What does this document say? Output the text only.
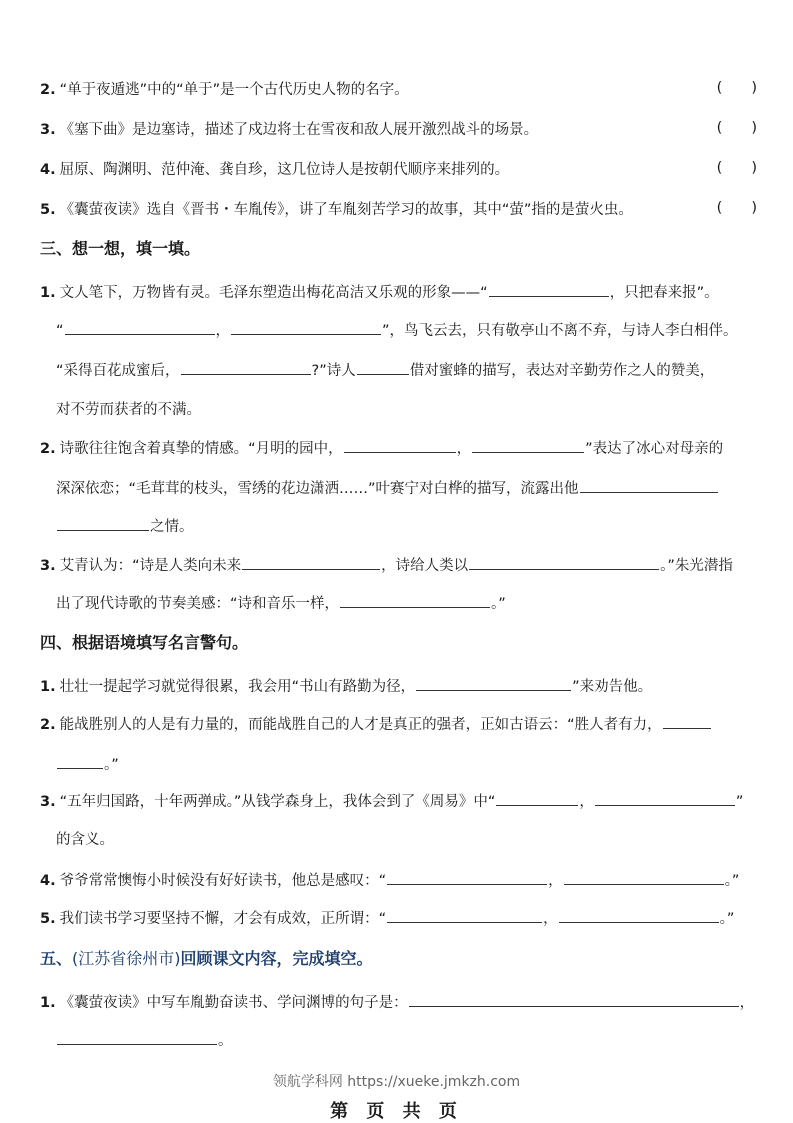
2. “单于夜遁逃”中的“单于”是一个古代历史人物的名字。	(　　)
3. 《塞下曲》是边塞诗，描述了戍边将士在雪夜和敌人展开激烈战斗的场景。	(　　)
4. 屈原、陶渊明、范仲淹、龚自珍，这几位诗人是按朝代顺序来排列的。	(　　)
5. 《囊萤夜读》选自《晋书・车胤传》，讲了车胤刻苦学习的故事，其中“萤”指的是萤火虫。	(　　)
三、想一想，填一填。
1. 文人笔下，万物皆有灵。毛泽东塑造出梅花高洁又乐观的形象——“	，只把春来报”。
“	，	”，鸟飞云去，只有敬亭山不离不弃，与诗人李白相伴。
“采得百花成蜜后，	?”诗人	借对蜜蜂的描写，表达对辛勤劳作之人的赞美，
对不劳而获者的不满。
2. 诗歌往往饱含着真挚的情感。“月明的园中，	，	”表达了冰心对母亲的
深深依恋；“毛茸茸的枝头，雪绣的花边潇洒……”叶赛宁对白桦的描写，流露出他
之情。
3. 艾青认为：“诗是人类向未来	，诗给人类以	。”朱光潜指
出了现代诗歌的节奏美感：“诗和音乐一样，	。”
四、根据语境填写名言警句。
1. 壮壮一提起学习就觉得很累，我会用“书山有路勤为径，	”来劝告他。
2. 能战胜别人的人是有力量的，而能战胜自己的人才是真正的强者，正如古语云：“胜人者有力，
。”
3. “五年归国路，十年两弹成。”从钱学森身上，我体会到了《周易》中“	，	”
的含义。
4. 爷爷常常懊悔小时候没有好好读书，他总是感叹：“	，	。”
5. 我们读书学习要坚持不懈，才会有成效，正所谓：“	，	。”
五、(江苏省徐州市)回顾课文内容，完成填空。
1. 《囊萤夜读》中写车胤勤奋读书、学问渊博的句子是：	，
。
领航学科网 https://xueke.jmkzh.com
第 页 共 页
